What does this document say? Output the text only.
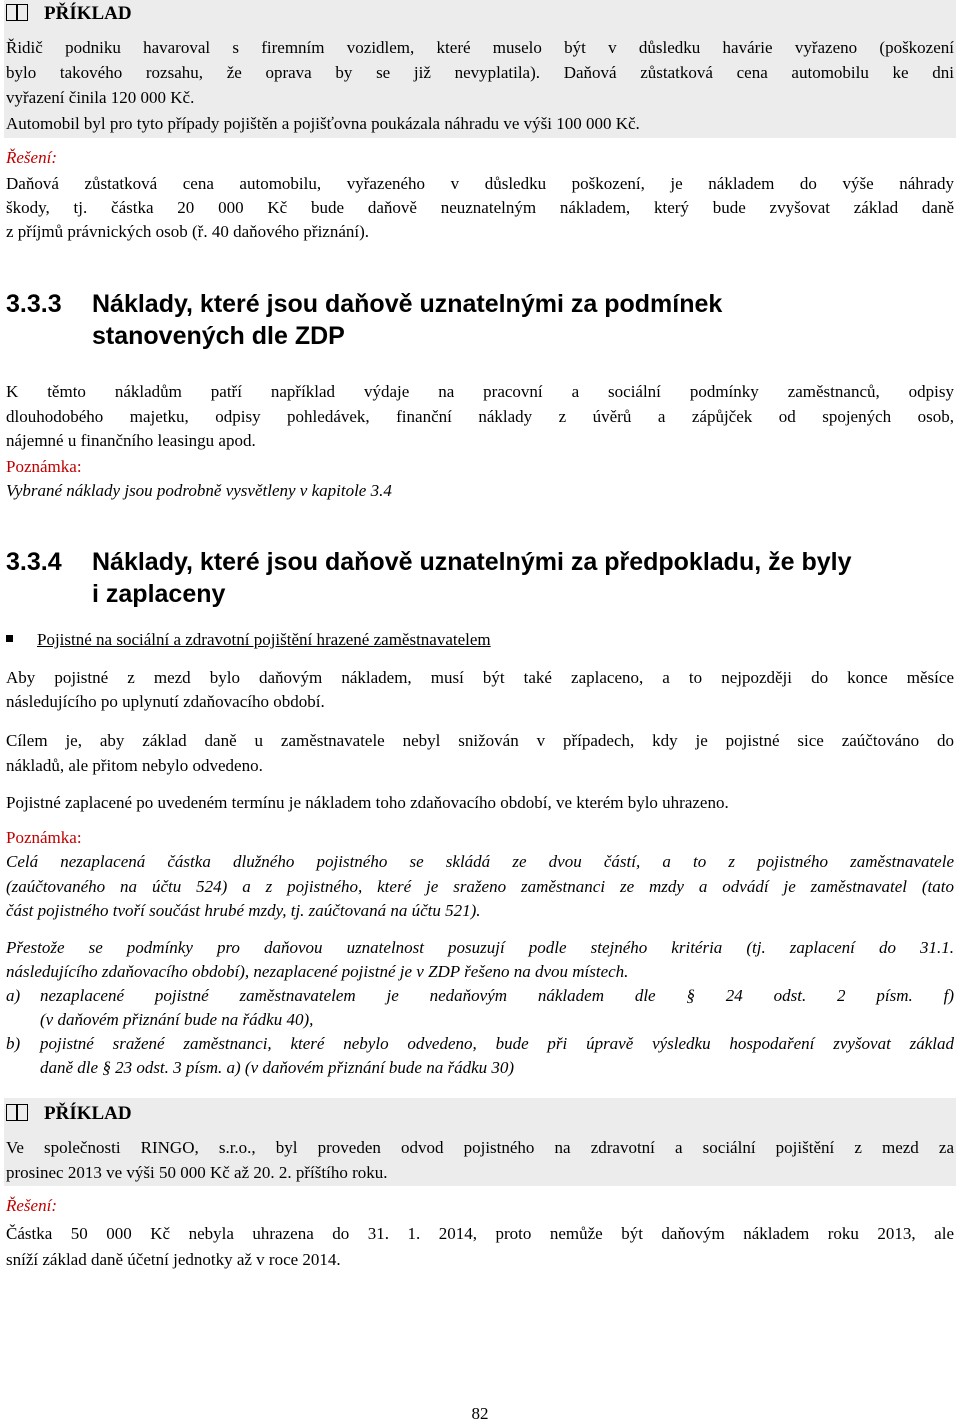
PŘÍKLAD
Řidič podniku havaroval s firemním vozidlem, které muselo být v důsledku havárie vyřazeno (poškození
bylo takového rozsahu, že oprava by se již nevyplatila). Daňová zůstatková cena automobilu ke dni
vyřazení činila 120 000 Kč.
Automobil byl pro tyto případy pojištěn a pojišťovna poukázala náhradu ve výši 100 000 Kč.
Řešení:
Daňová zůstatková cena automobilu, vyřazeného v důsledku poškození, je nákladem do výše náhrady
škody, tj. částka 20 000 Kč bude daňově neuznatelným nákladem, který bude zvyšovat základ daně
z příjmů právnických osob (ř. 40 daňového přiznání).
3.3.3 Náklady, které jsou daňově uznatelnými za podmínek
stanovených dle ZDP
K těmto nákladům patří například výdaje na pracovní a sociální podmínky zaměstnanců, odpisy
dlouhodobého majetku, odpisy pohledávek, finanční náklady z úvěrů a zápůjček od spojených osob,
nájemné u finančního leasingu apod.
Poznámka:
Vybrané náklady jsou podrobně vysvětleny v kapitole 3.4
3.3.4 Náklady, které jsou daňově uznatelnými za předpokladu, že byly
i zaplaceny
Pojistné na sociální a zdravotní pojištění hrazené zaměstnavatelem
Aby pojistné z mezd bylo daňovým nákladem, musí být také zaplaceno, a to nejpozději do konce měsíce
následujícího po uplynutí zdaňovacího období.
Cílem je, aby základ daně u zaměstnavatele nebyl snižován v případech, kdy je pojistné sice zaúčtováno do
nákladů, ale přitom nebylo odvedeno.
Pojistné zaplacené po uvedeném termínu je nákladem toho zdaňovacího období, ve kterém bylo uhrazeno.
Poznámka:
Celá nezaplacená částka dlužného pojistného se skládá ze dvou částí, a to z pojistného zaměstnavatele
(zaúčtovaného na účtu 524) a z pojistného, které je sraženo zaměstnanci ze mzdy a odvádí je zaměstnavatel (tato
část pojistného tvoří součást hrubé mzdy, tj. zaúčtovaná na účtu 521).
Přestože se podmínky pro daňovou uznatelnost posuzují podle stejného kritéria (tj. zaplacení do 31.1.
následujícího zdaňovacího období), nezaplacené pojistné je v ZDP řešeno na dvou místech.
a) nezaplacené pojistné zaměstnavatelem je nedaňovým nákladem dle § 24 odst. 2 písm. f)
(v daňovém přiznání bude na řádku 40),
b) pojistné sražené zaměstnanci, které nebylo odvedeno, bude při úpravě výsledku hospodaření zvyšovat základ
daně dle § 23 odst. 3 písm. a) (v daňovém přiznání bude na řádku 30)
PŘÍKLAD
Ve společnosti RINGO, s.r.o., byl proveden odvod pojistného na zdravotní a sociální pojištění z mezd za
prosinec 2013 ve výši 50 000 Kč až 20. 2. příštího roku.
Řešení:
Částka 50 000 Kč nebyla uhrazena do 31. 1. 2014, proto nemůže být daňovým nákladem roku 2013, ale
sníží základ daně účetní jednotky až v roce 2014.
82
